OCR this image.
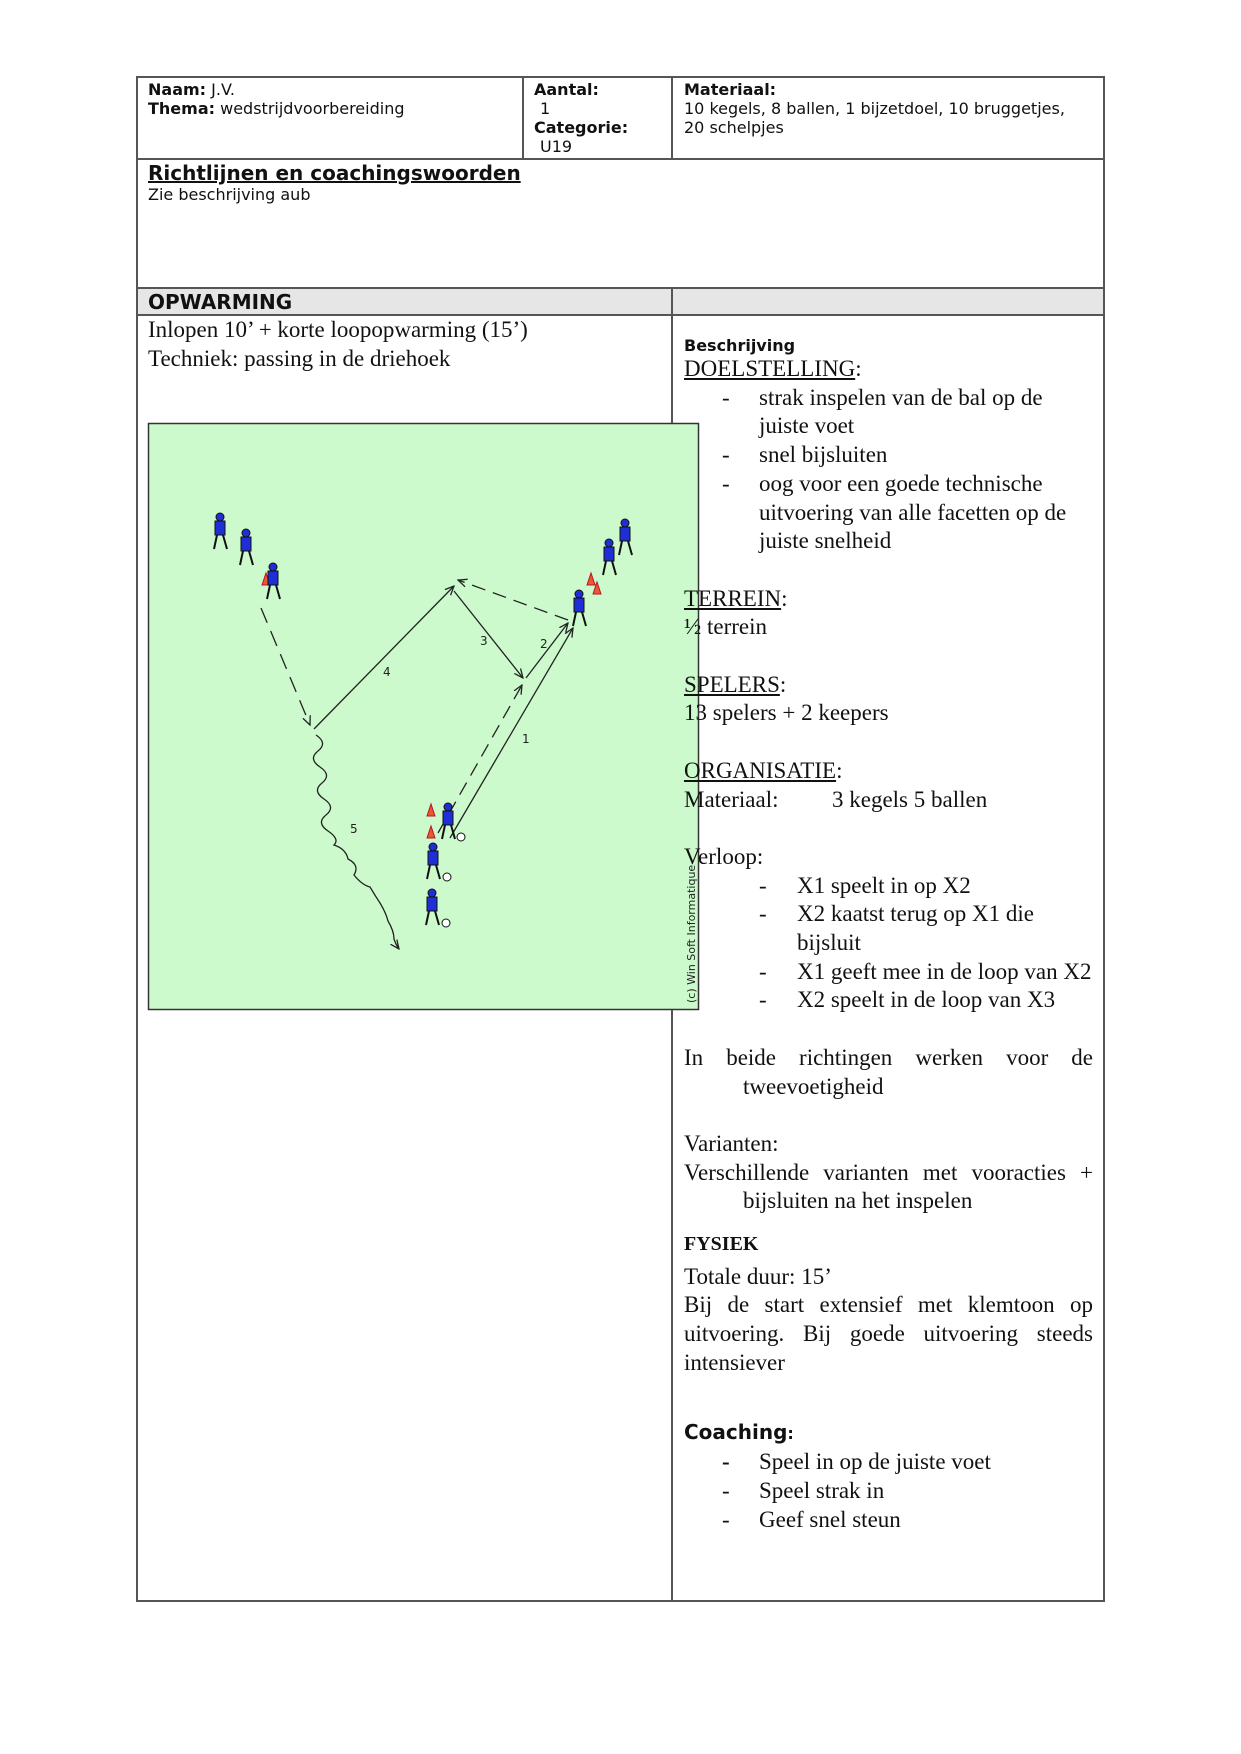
Naam: J.V.
Thema: wedstrijdvoorbereiding
Aantal:
1
Categorie:
U19
Materiaal:
10 kegels, 8 ballen, 1 bijzetdoel, 10 bruggetjes,
20 schelpjes
Richtlijnen en coachingswoorden
Zie beschrijving aub
OPWARMING
Inlopen 10’ + korte loopopwarming (15’)
Techniek: passing in de driehoek
1
2
3
4
5
(c) Win Soft Informatique
Beschrijving
DOELSTELLING:
- strak inspelen van de bal op de juiste voet
- snel bijsluiten
- oog voor een goede technische uitvoering van alle facetten op de juiste snelheid
TERREIN:
½ terrein
SPELERS:
13 spelers + 2 keepers
ORGANISATIE:
Materiaal: 3 kegels 5 ballen
Verloop:
- X1 speelt in op X2
- X2 kaatst terug op X1 die bijsluit
- X1 geeft mee in de loop van X2
- X2 speelt in de loop van X3
In beide richtingen werken voor de tweevoetigheid
Varianten:
Verschillende varianten met vooracties + bijsluiten na het inspelen
FYSIEK
Totale duur: 15’
Bij de start extensief met klemtoon op uitvoering. Bij goede uitvoering steeds intensiever
Coaching:
- Speel in op de juiste voet
- Speel strak in
- Geef snel steun
